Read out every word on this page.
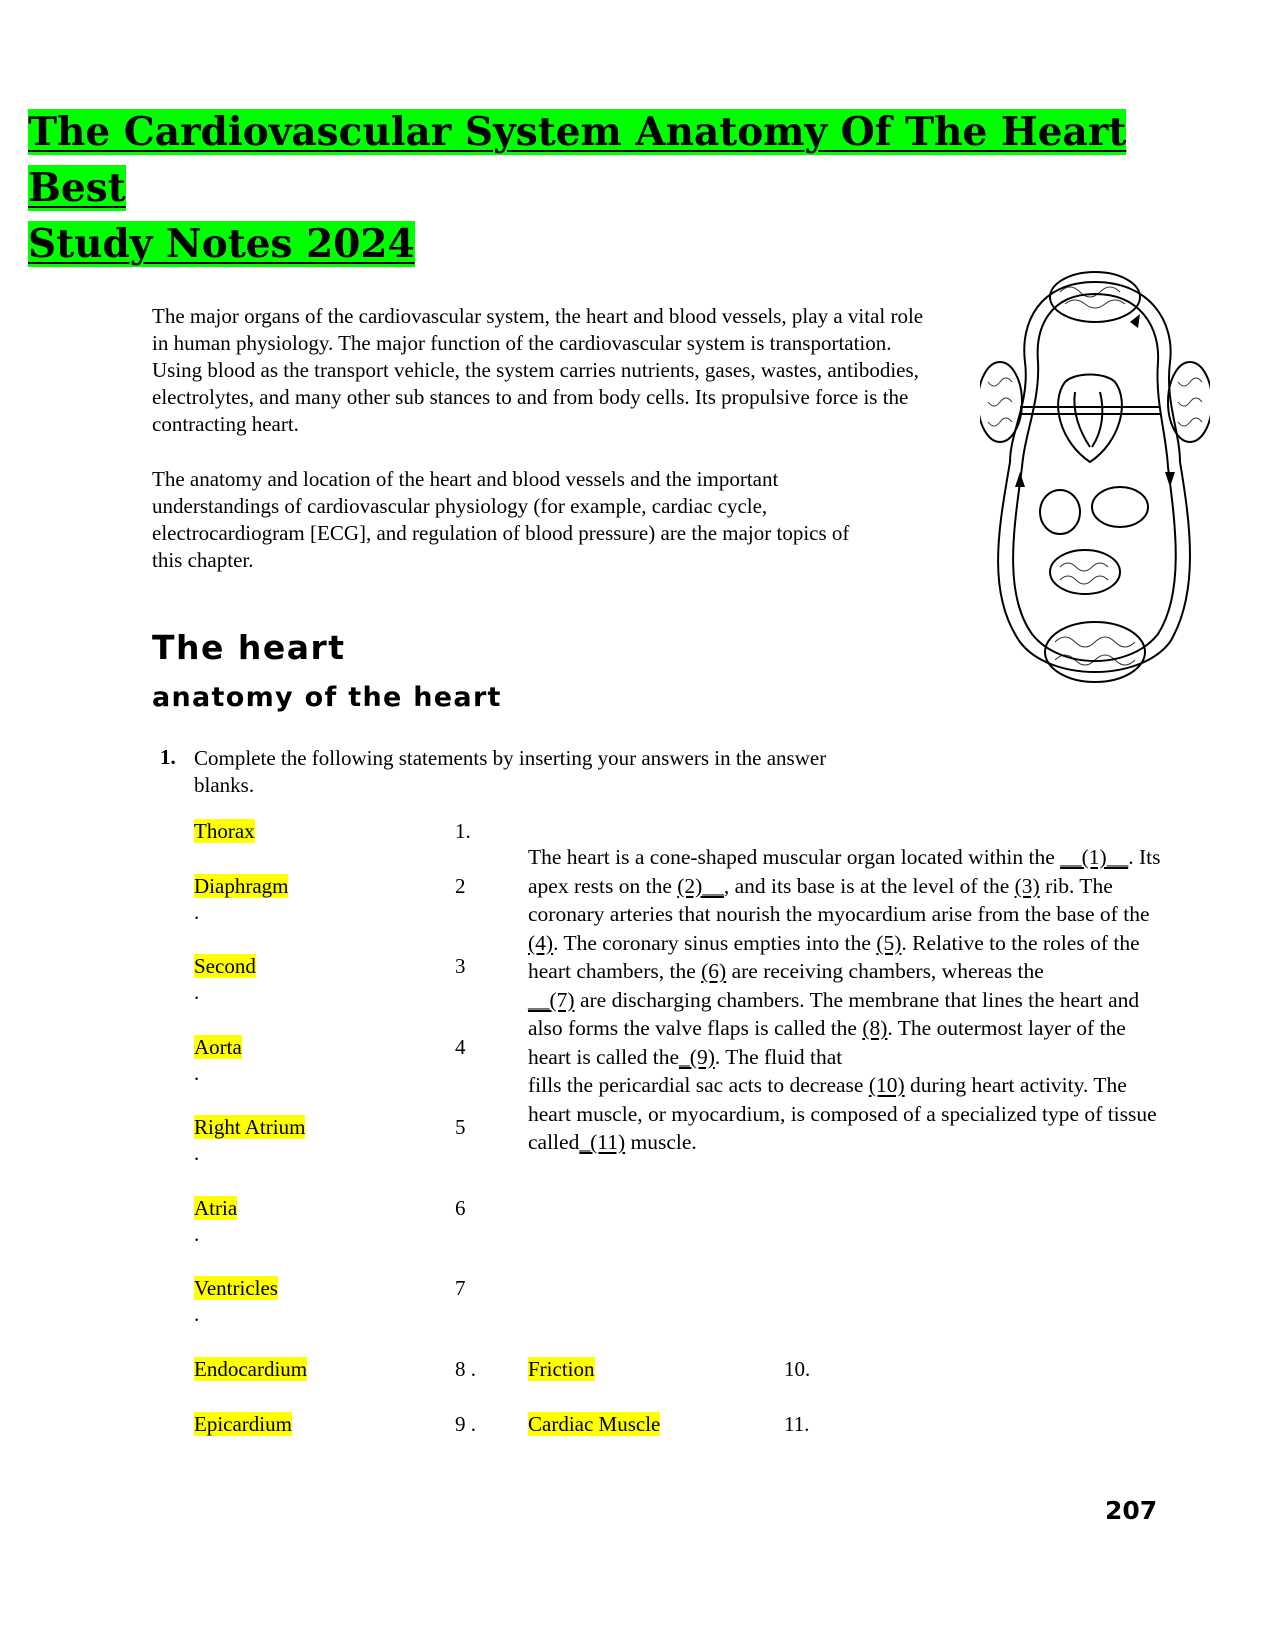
The Cardiovascular System Anatomy Of The Heart Best
Study Notes 2024
The major organs of the cardiovascular system, the heart and blood vessels, play a vital role in human physiology. The major function of the cardiovascular system is transportation. Using blood as the transport vehicle, the system carries nutrients, gases, wastes, antibodies, electrolytes, and many other sub stances to and from body cells. Its propulsive force is the contracting heart.
The anatomy and location of the heart and blood vessels and the important understandings of cardiovascular physiology (for example, cardiac cycle, electrocardiogram [ECG], and regulation of blood pressure) are the major topics of this chapter.
The heart
anatomy of the heart
1. Complete the following statements by inserting your answers in the answer blanks.
Thorax	1.
Diaphragm	2
.
Second	3
.
Aorta	4
.
Right Atrium	5
.
Atria	6
.
Ventricles	7
.
Endocardium	8 .
Epicardium	9 .
Friction	10.
Cardiac Muscle	11.
The heart is a cone-shaped muscular organ located within the __(1)__. Its apex rests on the (2)__, and its base is at the level of the (3) rib. The coronary arteries that nourish the myocardium arise from the base of the (4). The coronary sinus empties into the (5). Relative to the roles of the heart chambers, the (6) are receiving chambers, whereas the
__(7) are discharging chambers. The membrane that lines the heart and also forms the valve flaps is called the (8). The outermost layer of the heart is called the_(9). The fluid that
fills the pericardial sac acts to decrease (10) during heart activity. The heart muscle, or myocardium, is composed of a specialized type of tissue called_(11) muscle.
207
